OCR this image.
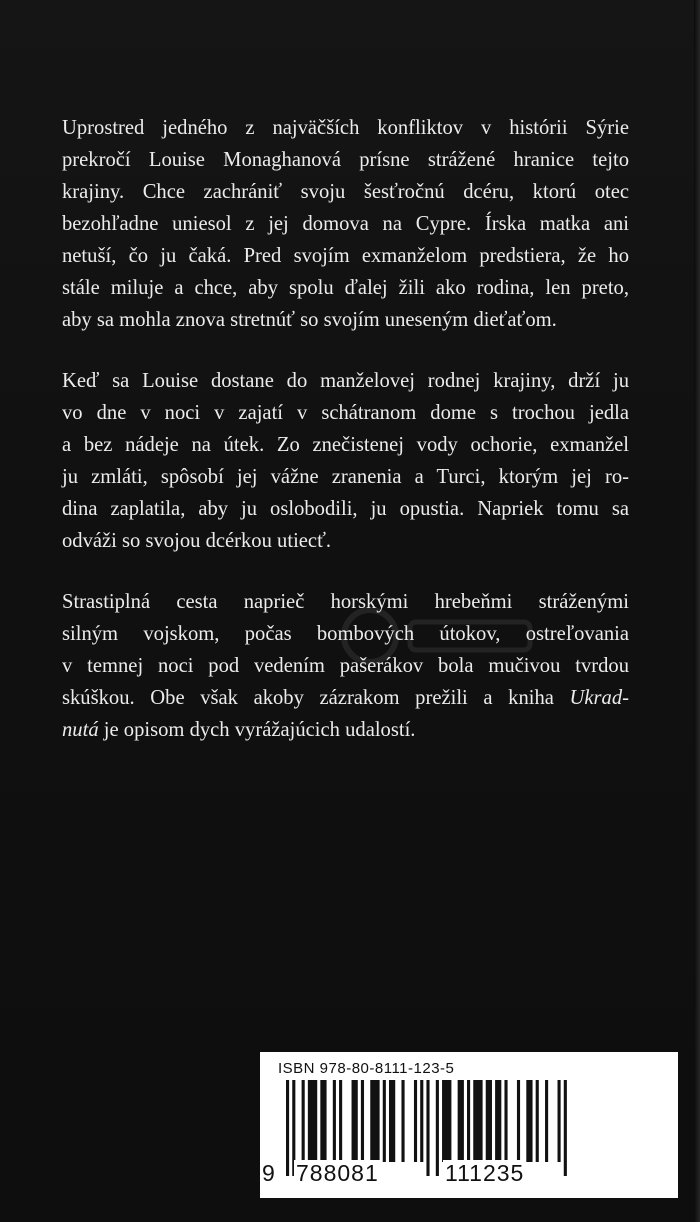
Uprostred jedného z najväčších konfliktov v histórii Sýrie
prekročí Louise Monaghanová prísne strážené hranice tejto
krajiny. Chce zachrániť svoju šesťročnú dcéru, ktorú otec
bezohľadne uniesol z jej domova na Cypre. Írska matka ani
netuší, čo ju čaká. Pred svojím exmanželom predstiera, že ho
stále miluje a chce, aby spolu ďalej žili ako rodina, len preto,
aby sa mohla znova stretnúť so svojím uneseným dieťaťom.

Keď sa Louise dostane do manželovej rodnej krajiny, drží ju
vo dne v noci v zajatí v schátranom dome s trochou jedla
a bez nádeje na útek. Zo znečistenej vody ochorie, exmanžel
ju zmláti, spôsobí jej vážne zranenia a Turci, ktorým jej ro-
dina zaplatila, aby ju oslobodili, ju opustia. Napriek tomu sa
odváži so svojou dcérkou utiecť.

Strastiplná cesta naprieč horskými hrebeňmi stráženými
silným vojskom, počas bombových útokov, ostreľovania
v temnej noci pod vedením pašerákov bola mučivou tvrdou
skúškou. Obe však akoby zázrakom prežili a kniha Ukrad-
nutá je opisom dych vyrážajúcich udalostí.

ISBN 978-80-8111-123-5
9 788081	111235
